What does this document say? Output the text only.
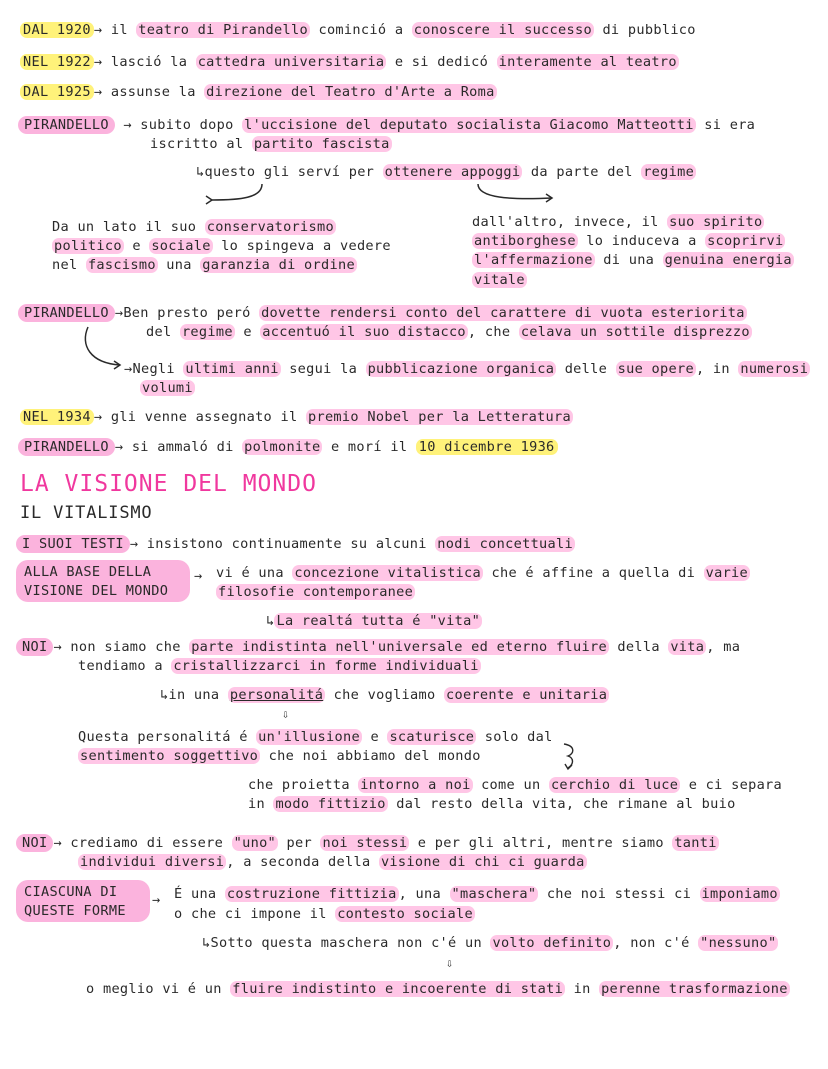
DAL 1920 → il teatro di Pirandello cominció a conoscere il successo di pubblico
NEL 1922 → lasció la cattedra universitaria e si dedicó interamente al teatro
DAL 1925 → assunse la direzione del Teatro d'Arte a Roma
PIRANDELLO → subito dopo l'uccisione del deputato socialista Giacomo Matteotti si era
iscritto al partito fascista
↳questo gli serví per ottenere appoggi da parte del regime
Da un lato il suo conservatorismo
politico e sociale lo spingeva a vedere
nel fascismo una garanzia di ordine
dall'altro, invece, il suo spirito
antiborghese lo induceva a scoprirvi
l'affermazione di una genuina energia
vitale
PIRANDELLO →Ben presto peró dovette rendersi conto del carattere di vuota esteriorita
del regime e accentuó il suo distacco , che celava un sottile disprezzo
→Negli ultimi anni segui la pubblicazione organica delle sue opere , in numerosi
volumi
NEL 1934 → gli venne assegnato il premio Nobel per la Letteratura
PIRANDELLO → si ammaló di polmonite e morí il 10 dicembre 1936
LA VISIONE DEL MONDO
IL VITALISMO
I SUOI TESTI → insistono continuamente su alcuni nodi concettuali
ALLA BASE DELLA
VISIONE DEL MONDO
→ vi é una concezione vitalistica che é affine a quella di varie
filosofie contemporanee
↳ La realtá tutta é "vita"
NOI → non siamo che parte indistinta nell'universale ed eterno fluire della vita , ma
tendiamo a cristallizzarci in forme individuali
↳in una personalitá che vogliamo coerente e unitaria
⇩
Questa personalitá é un'illusione e scaturisce solo dal
sentimento soggettivo che noi abbiamo del mondo
che proietta intorno a noi come un cerchio di luce e ci separa
in modo fittizio dal resto della vita, che rimane al buio
NOI → crediamo di essere "uno" per noi stessi e per gli altri, mentre siamo tanti
individui diversi , a seconda della visione di chi ci guarda
CIASCUNA DI
QUESTE FORME
→ É una costruzione fittizia , una "maschera" che noi stessi ci imponiamo
o che ci impone il contesto sociale
↳Sotto questa maschera non c'é un volto definito , non c'é "nessuno"
⇩
o meglio vi é un fluire indistinto e incoerente di stati in perenne trasformazione
